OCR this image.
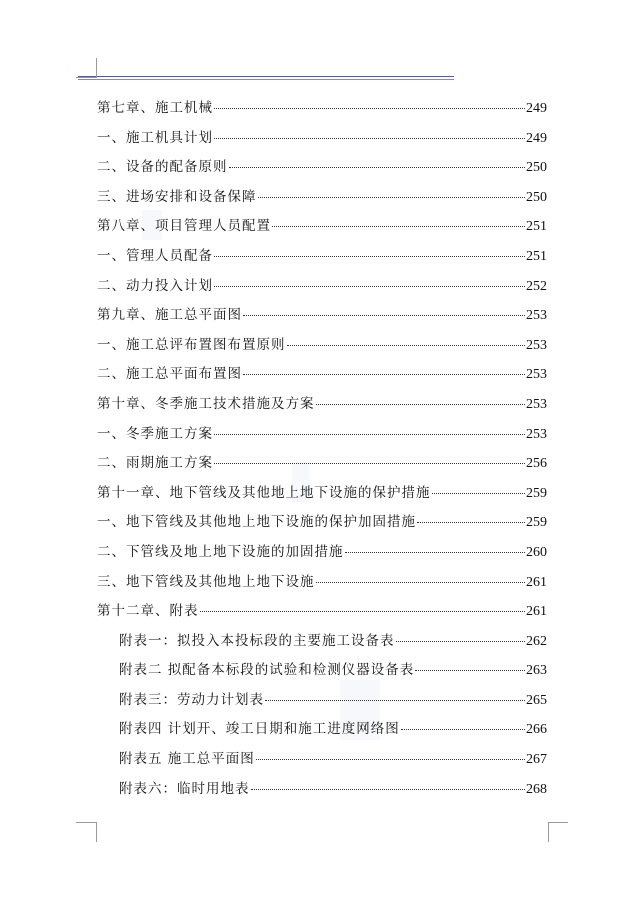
第七章、施工机械	249
一、施工机具计划	249
二、设备的配备原则	250
三、进场安排和设备保障	250
第八章、项目管理人员配置	251
一、管理人员配备	251
二、动力投入计划	252
第九章、施工总平面图	253
一、施工总评布置图布置原则	253
二、施工总平面布置图	253
第十章、冬季施工技术措施及方案	253
一、冬季施工方案	253
二、雨期施工方案	256
第十一章、地下管线及其他地上地下设施的保护措施	259
一、地下管线及其他地上地下设施的保护加固措施	259
二、下管线及地上地下设施的加固措施	260
三、地下管线及其他地上地下设施	261
第十二章、附表	261
附表一：拟投入本投标段的主要施工设备表	262
附表二 拟配备本标段的试验和检测仪器设备表	263
附表三：劳动力计划表	265
附表四 计划开、竣工日期和施工进度网络图	266
附表五 施工总平面图	267
附表六：临时用地表	268
